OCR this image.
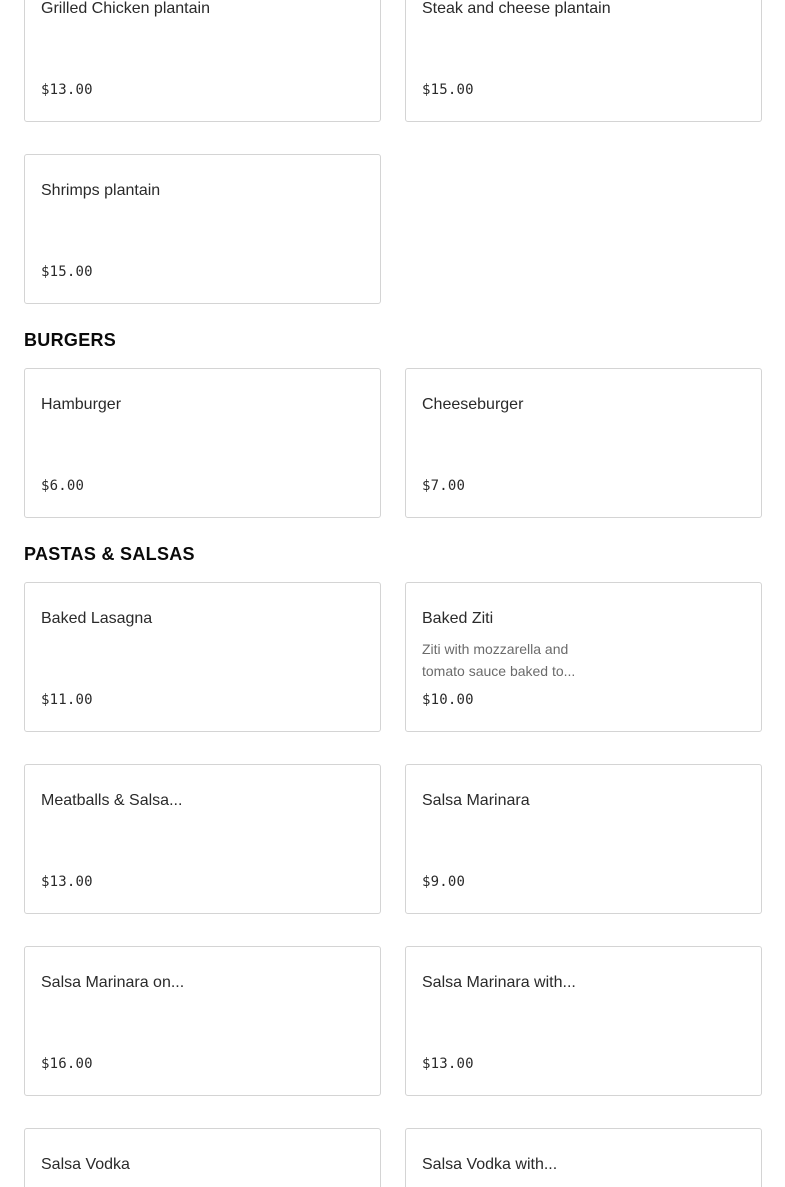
Grilled Chicken plantain
$13.00
Steak and cheese plantain
$15.00
Shrimps plantain
$15.00
BURGERS
Hamburger
$6.00
Cheeseburger
$7.00
PASTAS & SALSAS
Baked Lasagna
$11.00
Baked Ziti
Ziti with mozzarella and tomato sauce baked to...
$10.00
Meatballs & Salsa...
$13.00
Salsa Marinara
$9.00
Salsa Marinara on...
$16.00
Salsa Marinara with...
$13.00
Salsa Vodka	Salsa Vodka with...
